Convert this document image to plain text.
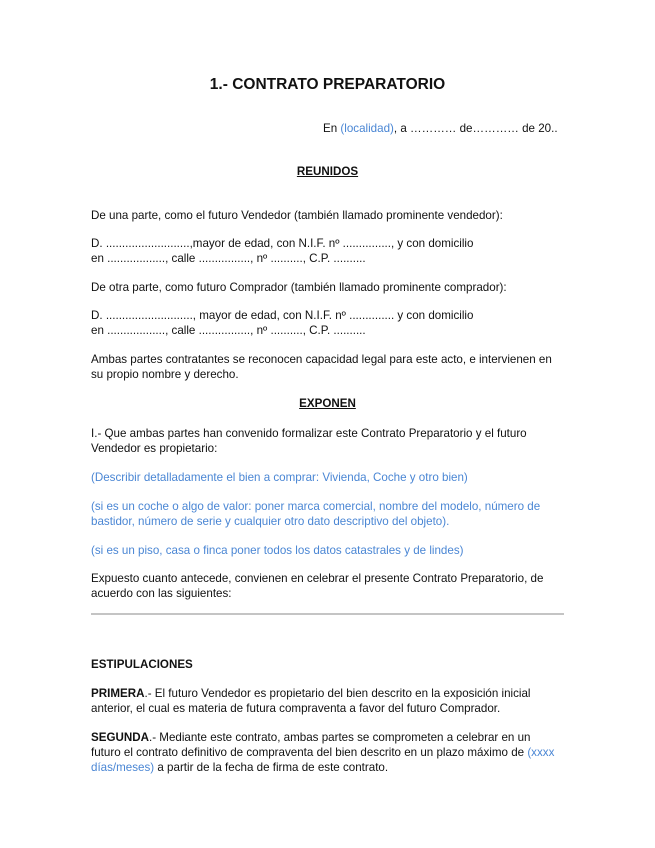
1.- CONTRATO PREPARATORIO
En (localidad), a ………… de………… de 20..
REUNIDOS
De una parte, como el futuro Vendedor (también llamado prominente vendedor):
D. ..........................,mayor de edad, con N.I.F. nº ..............., y con domicilio
en .................., calle ................, nº .........., C.P. ..........
De otra parte, como futuro Comprador (también llamado prominente comprador):
D. ..........................., mayor de edad, con N.I.F. nº .............. y con domicilio
en .................., calle ................, nº .........., C.P. ..........
Ambas partes contratantes se reconocen capacidad legal para este acto, e intervienen en
su propio nombre y derecho.
EXPONEN
I.- Que ambas partes han convenido formalizar este Contrato Preparatorio y el futuro
Vendedor es propietario:
(Describir detalladamente el bien a comprar: Vivienda, Coche y otro bien)
(si es un coche o algo de valor: poner marca comercial, nombre del modelo, número de
bastidor, número de serie y cualquier otro dato descriptivo del objeto).
(si es un piso, casa o finca poner todos los datos catastrales y de lindes)
Expuesto cuanto antecede, convienen en celebrar el presente Contrato Preparatorio, de
acuerdo con las siguientes:
ESTIPULACIONES
PRIMERA.- El futuro Vendedor es propietario del bien descrito en la exposición inicial
anterior, el cual es materia de futura compraventa a favor del futuro Comprador.
SEGUNDA.- Mediante este contrato, ambas partes se comprometen a celebrar en un
futuro el contrato definitivo de compraventa del bien descrito en un plazo máximo de (xxxx
días/meses) a partir de la fecha de firma de este contrato.
